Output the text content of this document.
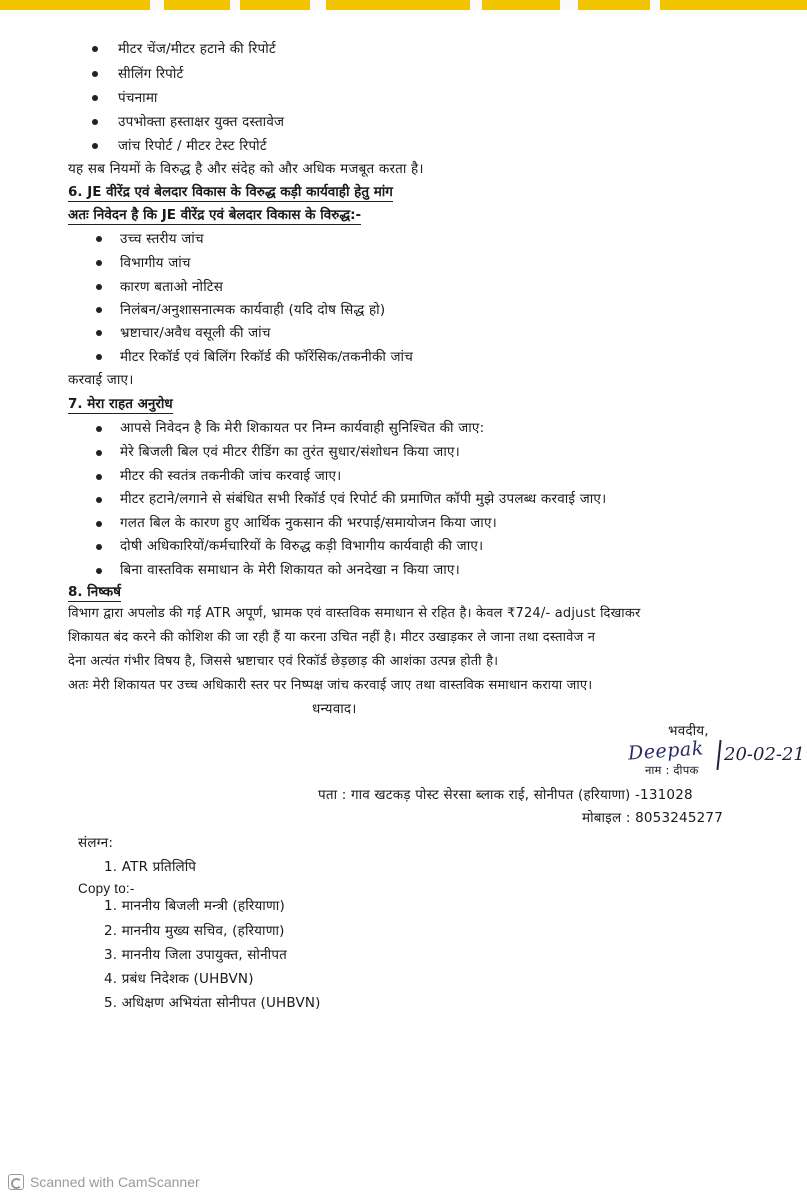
मीटर चेंज/मीटर हटाने की रिपोर्ट
सीलिंग रिपोर्ट
पंचनामा
उपभोक्ता हस्ताक्षर युक्त दस्तावेज
जांच रिपोर्ट / मीटर टेस्ट रिपोर्ट
यह सब नियमों के विरुद्ध है और संदेह को और अधिक मजबूत करता है।
6. JE वीरेंद्र एवं बेलदार विकास के विरुद्ध कड़ी कार्यवाही हेतु मांग
अतः निवेदन है कि JE वीरेंद्र एवं बेलदार विकास के विरुद्ध:-
उच्च स्तरीय जांच
विभागीय जांच
कारण बताओ नोटिस
निलंबन/अनुशासनात्मक कार्यवाही (यदि दोष सिद्ध हो)
भ्रष्टाचार/अवैध वसूली की जांच
मीटर रिकॉर्ड एवं बिलिंग रिकॉर्ड की फॉरेंसिक/तकनीकी जांच
करवाई जाए।
7. मेरा राहत अनुरोध
आपसे निवेदन है कि मेरी शिकायत पर निम्न कार्यवाही सुनिश्चित की जाए:
मेरे बिजली बिल एवं मीटर रीडिंग का तुरंत सुधार/संशोधन किया जाए।
मीटर की स्वतंत्र तकनीकी जांच करवाई जाए।
मीटर हटाने/लगाने से संबंधित सभी रिकॉर्ड एवं रिपोर्ट की प्रमाणित कॉपी मुझे उपलब्ध करवाई जाए।
गलत बिल के कारण हुए आर्थिक नुकसान की भरपाई/समायोजन किया जाए।
दोषी अधिकारियों/कर्मचारियों के विरुद्ध कड़ी विभागीय कार्यवाही की जाए।
बिना वास्तविक समाधान के मेरी शिकायत को अनदेखा न किया जाए।
8. निष्कर्ष
विभाग द्वारा अपलोड की गई ATR अपूर्ण, भ्रामक एवं वास्तविक समाधान से रहित है। केवल ₹724/- adjust दिखाकर
शिकायत बंद करने की कोशिश की जा रही हैं या करना उचित नहीं है। मीटर उखाड़कर ले जाना तथा दस्तावेज न
देना अत्यंत गंभीर विषय है, जिससे भ्रष्टाचार एवं रिकॉर्ड छेड़छाड़ की आशंका उत्पन्न होती है।
अतः मेरी शिकायत पर उच्च अधिकारी स्तर पर निष्पक्ष जांच करवाई जाए तथा वास्तविक समाधान कराया जाए।
धन्यवाद।
भवदीय,
Deepak 20-02-21
नाम : दीपक
पता : गाव खटकड़ पोस्ट सेरसा ब्लाक राई, सोनीपत (हरियाणा) -131028
मोबाइल : 8053245277
संलग्न:
1. ATR प्रतिलिपि
Copy to:-
1. माननीय बिजली मन्त्री (हरियाणा)
2. माननीय मुख्य सचिव, (हरियाणा)
3. माननीय जिला उपायुक्त, सोनीपत
4. प्रबंध निदेशक (UHBVN)
5. अधिक्षण अभियंता सोनीपत (UHBVN)
Scanned with CamScanner
